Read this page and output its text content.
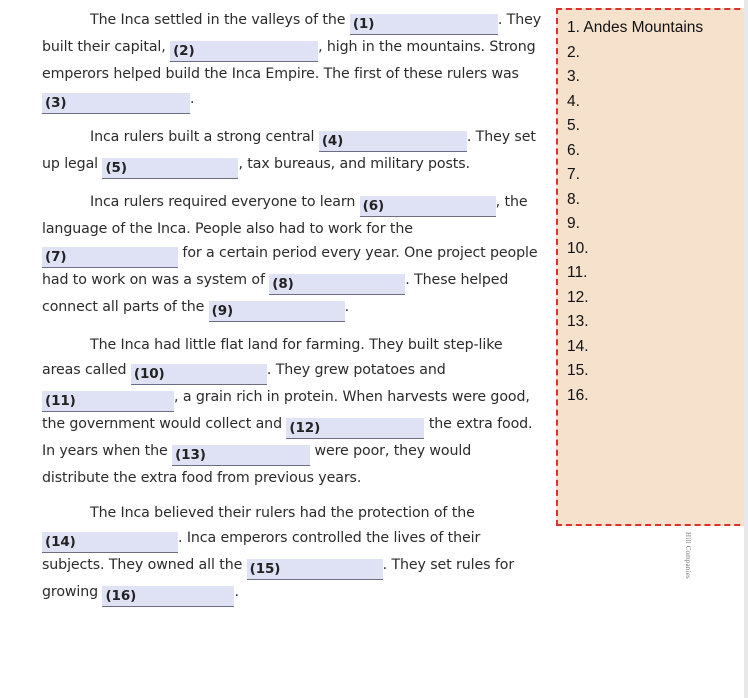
The Inca settled in the valleys of the (1)	. They built their capital, (2)	, high in the mountains. Strong emperors helped build the Inca Empire. The first of these rulers was (3)	.

Inca rulers built a strong central (4)	. They set up legal (5)	, tax bureaus, and military posts.

Inca rulers required everyone to learn (6)	, the language of the Inca. People also had to work for the (7)	for a certain period every year. One project people had to work on was a system of (8)	. These helped connect all parts of the (9)	.

The Inca had little flat land for farming. They built step-like areas called (10)	. They grew potatoes and (11)	, a grain rich in protein. When harvests were good, the government would collect and (12)	the extra food. In years when the (13)	were poor, they would distribute the extra food from previous years.

The Inca believed their rulers had the protection of the (14)	. Inca emperors controlled the lives of their subjects. They owned all the (15)	. They set rules for growing (16)	.

1. Andes Mountains
2.
3.
4.
5.
6.
7.
8.
9.
10.
11.
12.
13.
14.
15.
16.
Hill Companies
